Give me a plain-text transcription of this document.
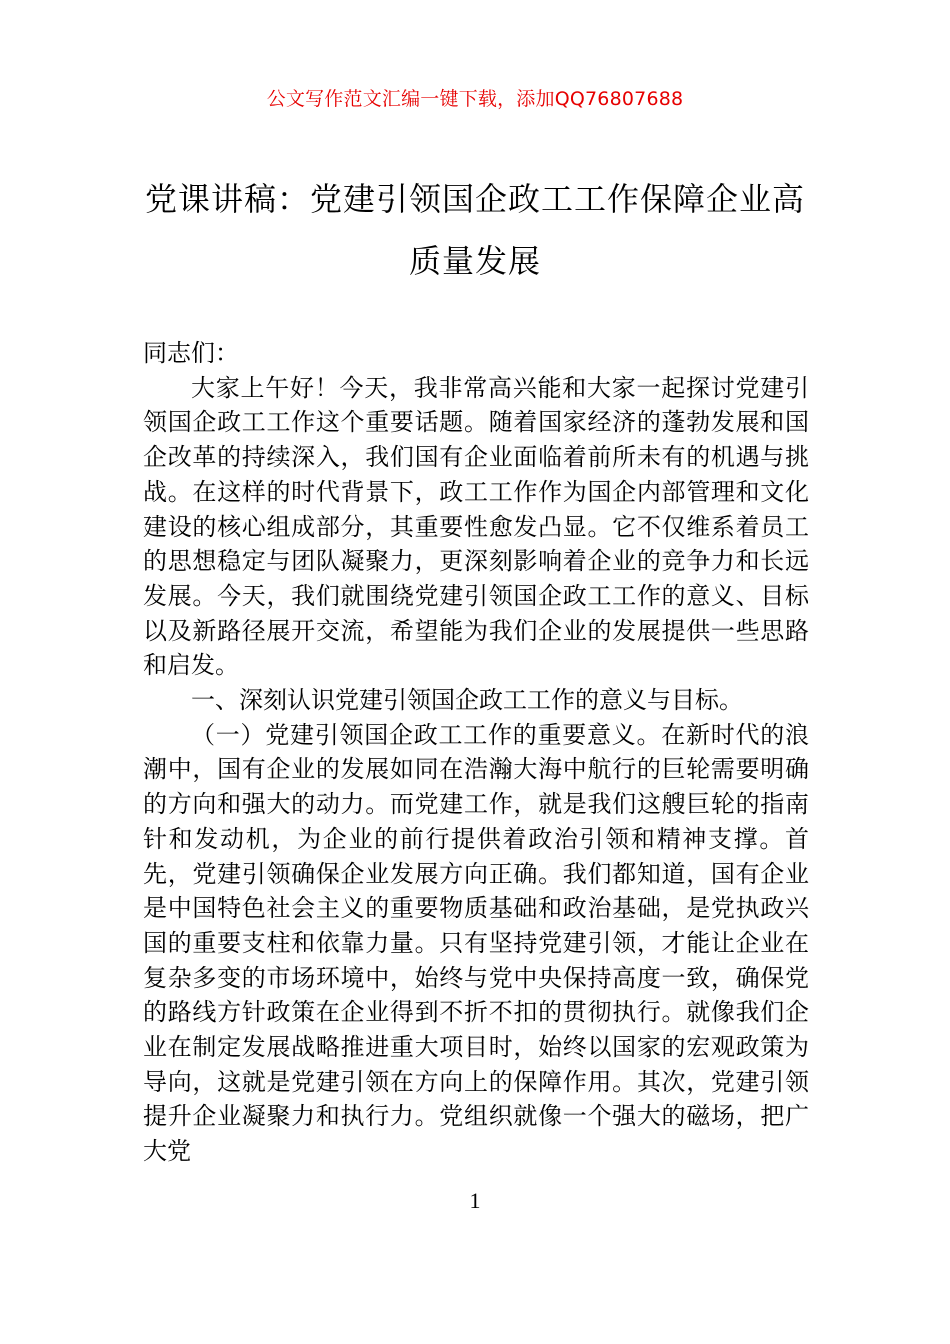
公文写作范文汇编一键下载，添加QQ76807688
党课讲稿：党建引领国企政工工作保障企业高质量发展

同志们：

大家上午好！今天，我非常高兴能和大家一起探讨党建引领国企政工工作这个重要话题。随着国家经济的蓬勃发展和国企改革的持续深入，我们国有企业面临着前所未有的机遇与挑战。在这样的时代背景下，政工工作作为国企内部管理和文化建设的核心组成部分，其重要性愈发凸显。它不仅维系着员工的思想稳定与团队凝聚力，更深刻影响着企业的竞争力和长远发展。今天，我们就围绕党建引领国企政工工作的意义、目标以及新路径展开交流，希望能为我们企业的发展提供一些思路和启发。

一、深刻认识党建引领国企政工工作的意义与目标。

（一）党建引领国企政工工作的重要意义。在新时代的浪潮中，国有企业的发展如同在浩瀚大海中航行的巨轮需要明确的方向和强大的动力。而党建工作，就是我们这艘巨轮的指南针和发动机，为企业的前行提供着政治引领和精神支撑。首先，党建引领确保企业发展方向正确。我们都知道，国有企业是中国特色社会主义的重要物质基础和政治基础，是党执政兴国的重要支柱和依靠力量。只有坚持党建引领，才能让企业在复杂多变的市场环境中，始终与党中央保持高度一致，确保党的路线方针政策在企业得到不折不扣的贯彻执行。就像我们企业在制定发展战略推进重大项目时，始终以国家的宏观政策为导向，这就是党建引领在方向上的保障作用。其次，党建引领提升企业凝聚力和执行力。党组织就像一个强大的磁场，把广大党

1
